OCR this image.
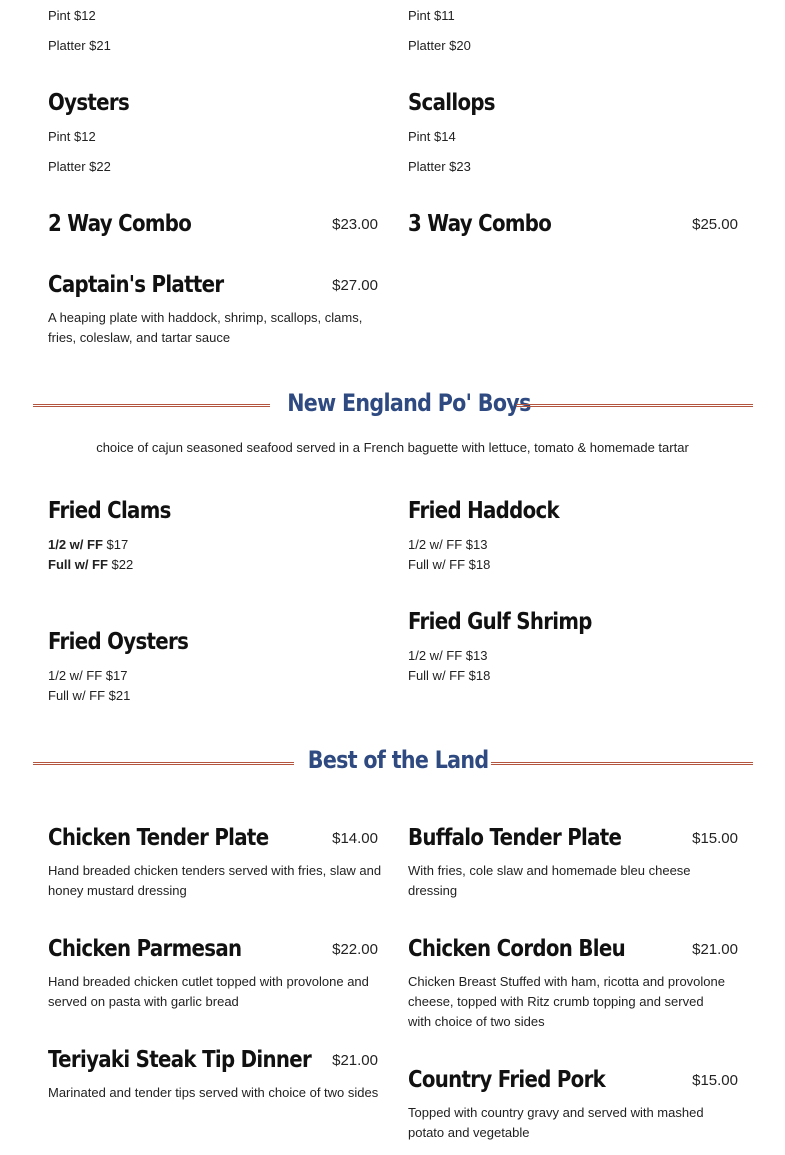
Pint $12
Platter $21
Pint $11
Platter $20
Oysters
Pint $12
Platter $22
Scallops
Pint $14
Platter $23
2 Way Combo	$23.00 3 Way Combo	$25.00
Captain's Platter	$27.00
A heaping plate with haddock, shrimp, scallops, clams, fries, coleslaw, and tartar sauce
New England Po' Boys
choice of cajun seasoned seafood served in a French baguette with lettuce, tomato & homemade tartar
Fried Clams
1/2 w/ FF $17
Full w/ FF $22
Fried Haddock
1/2 w/ FF $13
Full w/ FF $18
Fried Oysters
1/2 w/ FF $17
Full w/ FF $21
Fried Gulf Shrimp
1/2 w/ FF $13
Full w/ FF $18
Best of the Land
Chicken Tender Plate	$14.00
Hand breaded chicken tenders served with fries, slaw and honey mustard dressing
Buffalo Tender Plate	$15.00
With fries, cole slaw and homemade bleu cheese dressing
Chicken Parmesan	$22.00
Hand breaded chicken cutlet topped with provolone and served on pasta with garlic bread
Chicken Cordon Bleu	$21.00
Chicken Breast Stuffed with ham, ricotta and provolone cheese, topped with Ritz crumb topping and served with choice of two sides
Teriyaki Steak Tip Dinner $21.00
Marinated and tender tips served with choice of two sides Country Fried Pork	$15.00
Topped with country gravy and served with mashed potato and vegetable
